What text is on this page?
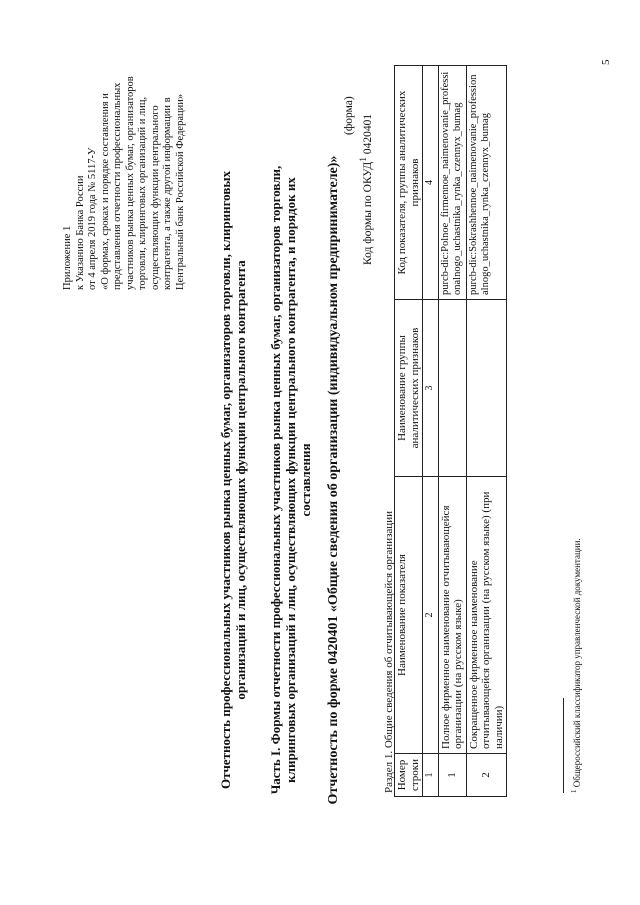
Приложение 1 к Указанию Банка России от 4 апреля 2019 года № 5117-У «О формах, сроках и порядке составления и представления отчетности профессиональных участников рынка ценных бумаг, организаторов торговли, клиринговых организаций и лиц, осуществляющих функции центрального контрагента, а также другой информации в Центральный банк Российской Федерации»	Отчетность профессиональных участников рынка ценных бумаг, организаторов торговли, клиринговых организаций и лиц, осуществляющих функции центрального контрагента Часть I. Формы отчетности профессиональных участников рынка ценных бумаг, организаторов торговли, клиринговых организаций и лиц, осуществляющих функции центрального контрагента, и порядок их составления Отчетность по форме 0420401 «Общие сведения об организации (индивидуальном предпринимателе)»
(форма)
Код формы по ОКУД$^1$ 0420401
Раздел 1. Общие сведения об отчитывающейся организации Номер строки	Наименование показателя	Наименование группы аналитических признаков	Код показателя, группы аналитических признаков
1	2	3	4
1	Полное фирменное наименование отчитывающейся организации (на русском языке)		purcb-dic:Polnoe_firmennoe_naimenovanie_professionalnogo_uchastnika_rynka_czennyx_bumag
2	Сокращенное фирменное наименование отчитывающейся организации (на русском языке) (при наличии)		purcb-dic:Sokrashhennoe_naimenovanie_professionalnogo_uchastnika_rynka_czennyx_bumag
$^1$ Общероссийский классификатор управленческой документации.
5
